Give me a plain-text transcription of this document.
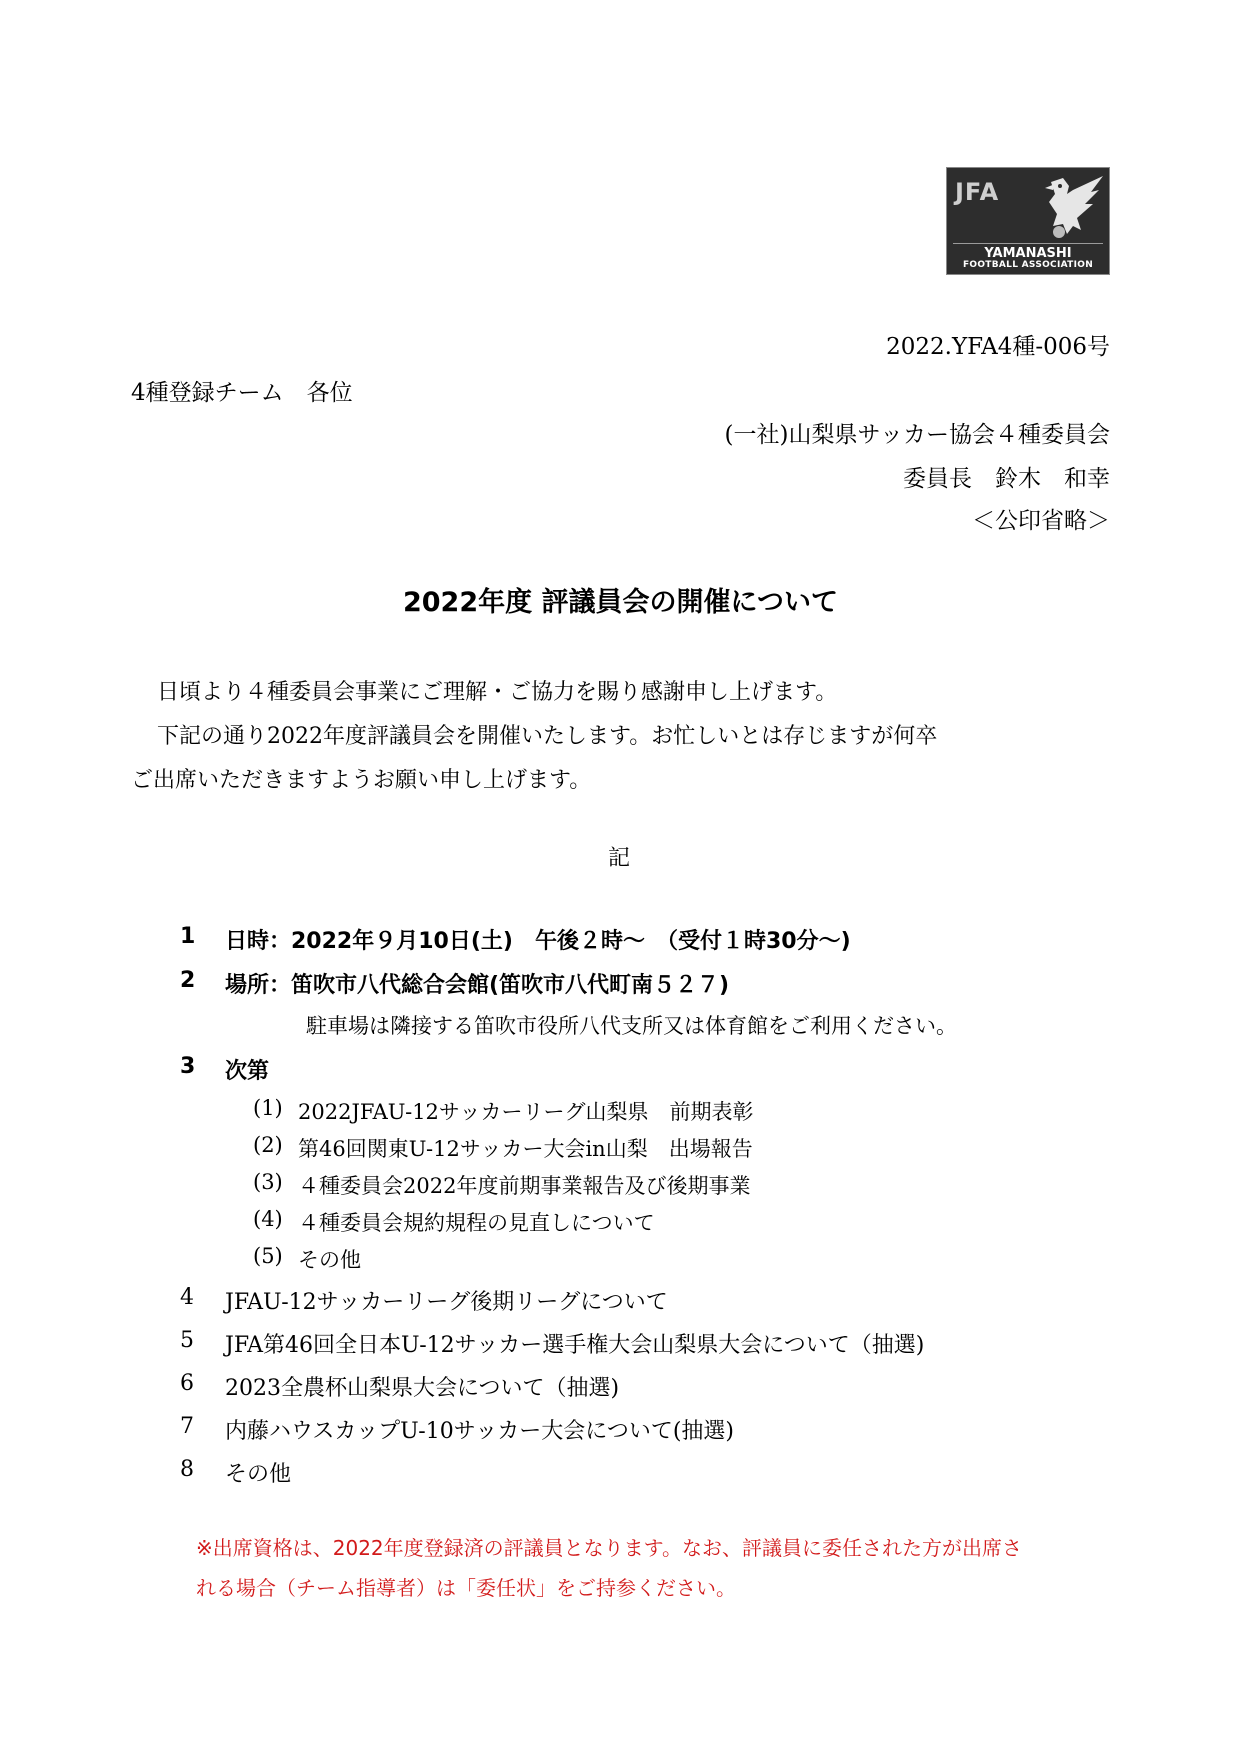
JFA
YAMANASHI
FOOTBALL ASSOCIATION
2022.YFA4種-006号
4種登録チーム　各位
(一社)山梨県サッカー協会４種委員会
委員長　鈴木　和幸
＜公印省略＞
2022年度 評議員会の開催について
日頃より４種委員会事業にご理解・ご協力を賜り感謝申し上げます。
下記の通り2022年度評議員会を開催いたします。お忙しいとは存じますが何卒
ご出席いただきますようお願い申し上げます。
記
1 日時：2022年９月10日(土)　午後２時～　（受付１時30分～)
2 場所：笛吹市八代総合会館(笛吹市八代町南５２７)
駐車場は隣接する笛吹市役所八代支所又は体育館をご利用ください。
3 次第
(1) 2022JFAU-12サッカーリーグ山梨県　前期表彰
(2) 第46回関東U-12サッカー大会in山梨　出場報告
(3) ４種委員会2022年度前期事業報告及び後期事業
(4) ４種委員会規約規程の見直しについて
(5) その他
4 JFAU-12サッカーリーグ後期リーグについて
5 JFA第46回全日本U-12サッカー選手権大会山梨県大会について（抽選)
6 2023全農杯山梨県大会について（抽選)
7 内藤ハウスカップU-10サッカー大会について(抽選)
8 その他
※出席資格は、2022年度登録済の評議員となります。なお、評議員に委任された方が出席さ
れる場合（チーム指導者）は「委任状」をご持参ください。
